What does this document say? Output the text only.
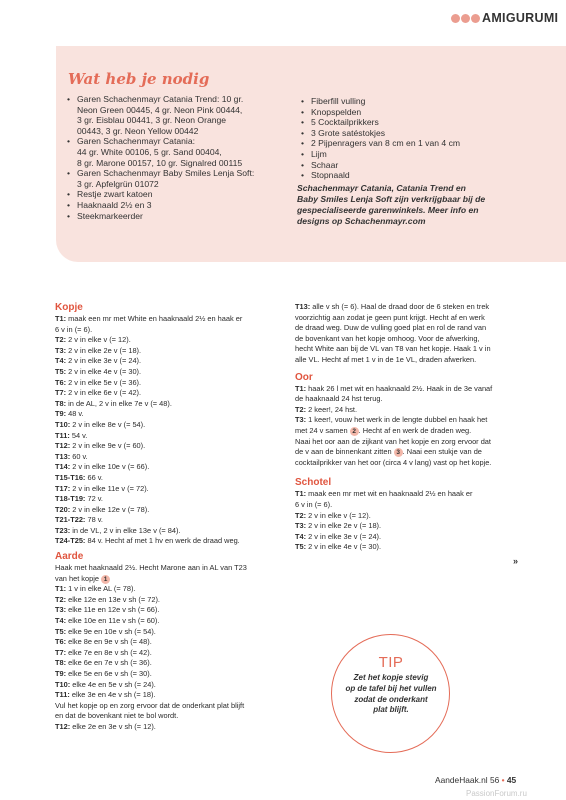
AMIGURUMI
Wat heb je nodig
• Garen Schachenmayr Catania Trend: 10 gr.
Neon Green 00445, 4 gr. Neon Pink 00444,
3 gr. Eisblau 00441, 3 gr. Neon Orange
00443, 3 gr. Neon Yellow 00442
• Garen Schachenmayr Catania:
44 gr. White 00106, 5 gr. Sand 00404,
8 gr. Marone 00157, 10 gr. Signalred 00115
• Garen Schachenmayr Baby Smiles Lenja Soft:
3 gr. Apfelgrün 01072
• Restje zwart katoen
• Haaknaald 2½ en 3
• Steekmarkeerder
• Fiberfill vulling
• Knopspelden
• 5 Cocktailprikkers
• 3 Grote satéstokjes
• 2 Pijpenragers van 8 cm en 1 van 4 cm
• Lijm
• Schaar
• Stopnaald
Schachenmayr Catania, Catania Trend en
Baby Smiles Lenja Soft zijn verkrijgbaar bij de
gespecialiseerde garenwinkels. Meer info en
designs op Schachenmayr.com
Kopje
T1: maak een mr met White en haaknaald 2½ en haak er
6 v in (= 6).
T2: 2 v in elke v (= 12).
T3: 2 v in elke 2e v (= 18).
T4: 2 v in elke 3e v (= 24).
T5: 2 v in elke 4e v (= 30).
T6: 2 v in elke 5e v (= 36).
T7: 2 v in elke 6e v (= 42).
T8: in de AL, 2 v in elke 7e v (= 48).
T9: 48 v.
T10: 2 v in elke 8e v (= 54).
T11: 54 v.
T12: 2 v in elke 9e v (= 60).
T13: 60 v.
T14: 2 v in elke 10e v (= 66).
T15-T16: 66 v.
T17: 2 v in elke 11e v (= 72).
T18-T19: 72 v.
T20: 2 v in elke 12e v (= 78).
T21-T22: 78 v.
T23: in de VL, 2 v in elke 13e v (= 84).
T24-T25: 84 v. Hecht af met 1 hv en werk de draad weg.
Aarde
Haak met haaknaald 2½. Hecht Marone aan in AL van T23
van het kopje 1
T1: 1 v in elke AL (= 78).
T2: elke 12e en 13e v sh (= 72).
T3: elke 11e en 12e v sh (= 66).
T4: elke 10e en 11e v sh (= 60).
T5: elke 9e en 10e v sh (= 54).
T6: elke 8e en 9e v sh (= 48).
T7: elke 7e en 8e v sh (= 42).
T8: elke 6e en 7e v sh (= 36).
T9: elke 5e en 6e v sh (= 30).
T10: elke 4e en 5e v sh (= 24).
T11: elke 3e en 4e v sh (= 18).
Vul het kopje op en zorg ervoor dat de onderkant plat blijft
en dat de bovenkant niet te bol wordt.
T12: elke 2e en 3e v sh (= 12).
T13: alle v sh (= 6). Haal de draad door de 6 steken en trek
voorzichtig aan zodat je geen punt krijgt. Hecht af en werk
de draad weg. Duw de vulling goed plat en rol de rand van
de bovenkant van het kopje omhoog. Voor de afwerking,
hecht White aan bij de VL van T8 van het kopje. Haak 1 v in
alle VL. Hecht af met 1 v in de 1e VL, draden afwerken.
Oor
T1: haak 26 l met wit en haaknaald 2½. Haak in de 3e vanaf
de haaknaald 24 hst terug.
T2: 2 keer!, 24 hst.
T3: 1 keer!, vouw het werk in de lengte dubbel en haak het
met 24 v samen 2 . Hecht af en werk de draden weg.
Naai het oor aan de zijkant van het kopje en zorg ervoor dat
de v aan de binnenkant zitten 3 . Naai een stukje van de
cocktailprikker van het oor (circa 4 v lang) vast op het kopje.
Schotel
T1: maak een mr met wit en haaknaald 2½ en haak er
6 v in (= 6).
T2: 2 v in elke v (= 12).
T3: 2 v in elke 2e v (= 18).
T4: 2 v in elke 3e v (= 24).
T5: 2 v in elke 4e v (= 30).
»
TIP
Zet het kopje stevig
op de tafel bij het vullen
zodat de onderkant
plat blijft.
AandeHaak.nl 56 • 45
PassionForum.ru
